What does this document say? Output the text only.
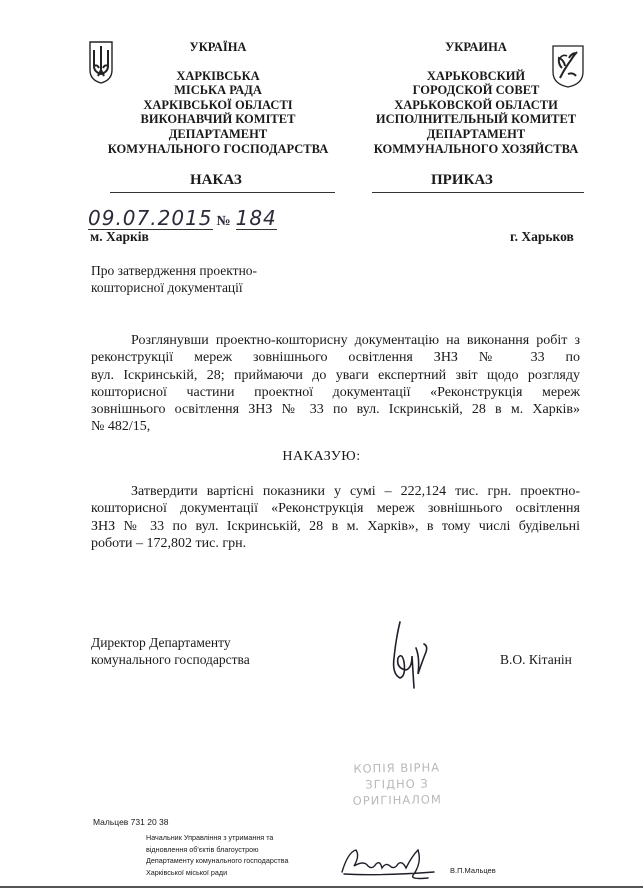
УКРАЇНА
ХАРКІВСЬКА
МІСЬКА РАДА
ХАРКІВСЬКОЇ ОБЛАСТІ
ВИКОНАВЧИЙ КОМІТЕТ
ДЕПАРТАМЕНТ
КОМУНАЛЬНОГО ГОСПОДАРСТВА
УКРАИНА
ХАРЬКОВСКИЙ
ГОРОДСКОЙ СОВЕТ
ХАРЬКОВСКОЙ ОБЛАСТИ
ИСПОЛНИТЕЛЬНЫЙ КОМИТЕТ
ДЕПАРТАМЕНТ
КОММУНАЛЬНОГО ХОЗЯЙСТВА
НАКАЗ	ПРИКАЗ
09.07.2015 № 184
м. Харків	г. Харьков
Про затвердження проектно-
кошторисної документації
Розглянувши проектно-кошторисну документацію на виконання робіт з
реконструкції мереж зовнішнього освітлення ЗНЗ № 33 по
вул. Іскринській, 28; приймаючи до уваги експертний звіт щодо розгляду
кошторисної частини проектної документації «Реконструкція мереж
зовнішнього освітлення ЗНЗ № 33 по вул. Іскринській, 28 в м. Харків»
№ 482/15,
НАКАЗУЮ:
Затвердити вартісні показники у сумі – 222,124 тис. грн. проектно-
кошторисної документації «Реконструкція мереж зовнішнього освітлення
ЗНЗ № 33 по вул. Іскринській, 28 в м. Харків», в тому числі будівельні
роботи – 172,802 тис. грн.
Директор Департаменту
комунального господарства	В.О. Кітанін
КОПІЯ ВІРНА
ЗГІДНО З
ОРИГІНАЛОМ
Мальцев 731 20 38
Начальник Управління з утримання та
відновлення об'єктів благоустрою
Департаменту комунального господарства
Харківської міської ради	В.П.Мальцев
